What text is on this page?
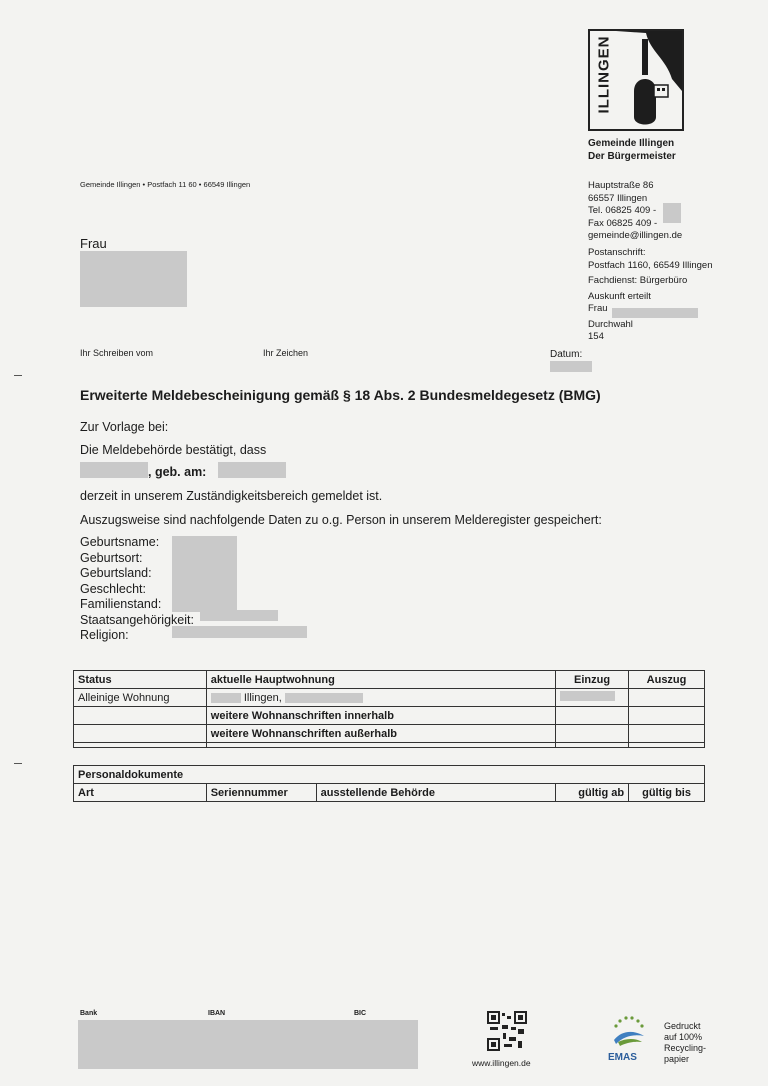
ILLINGEN
Gemeinde Illingen
Der Bürgermeister
Gemeinde Illingen • Postfach 11 60 • 66549 Illingen	Hauptstraße 86
66557 Illingen
Tel. 06825 409 -
Fax 06825 409 -
gemeinde@illingen.de
Postanschrift:
Postfach 1160, 66549 Illingen
Fachdienst: Bürgerbüro
Auskunft erteilt
Frau
Durchwahl
154
Frau
Ihr Schreiben vom	Ihr Zeichen	Datum:
Erweiterte Meldebescheinigung gemäß § 18 Abs. 2 Bundesmeldegesetz (BMG)
Zur Vorlage bei:
Die Meldebehörde bestätigt, dass
, geb. am:
derzeit in unserem Zuständigkeitsbereich gemeldet ist.
Auszugsweise sind nachfolgende Daten zu o.g. Person in unserem Melderegister gespeichert:
Geburtsname:
Geburtsort:
Geburtsland:
Geschlecht:
Familienstand:
Staatsangehörigkeit:
Religion:
Status	aktuelle Hauptwohnung	Einzug	Auszug
Alleinige Wohnung	Illingen,		
	weitere Wohnanschriften innerhalb		
	weitere Wohnanschriften außerhalb		

Personaldokumente
Art	Seriennummer	ausstellende Behörde	gültig ab	gültig bis
Bank	IBAN	BIC
www.illingen.de	EMAS
Gedruckt
auf 100%
Recycling-
papier
